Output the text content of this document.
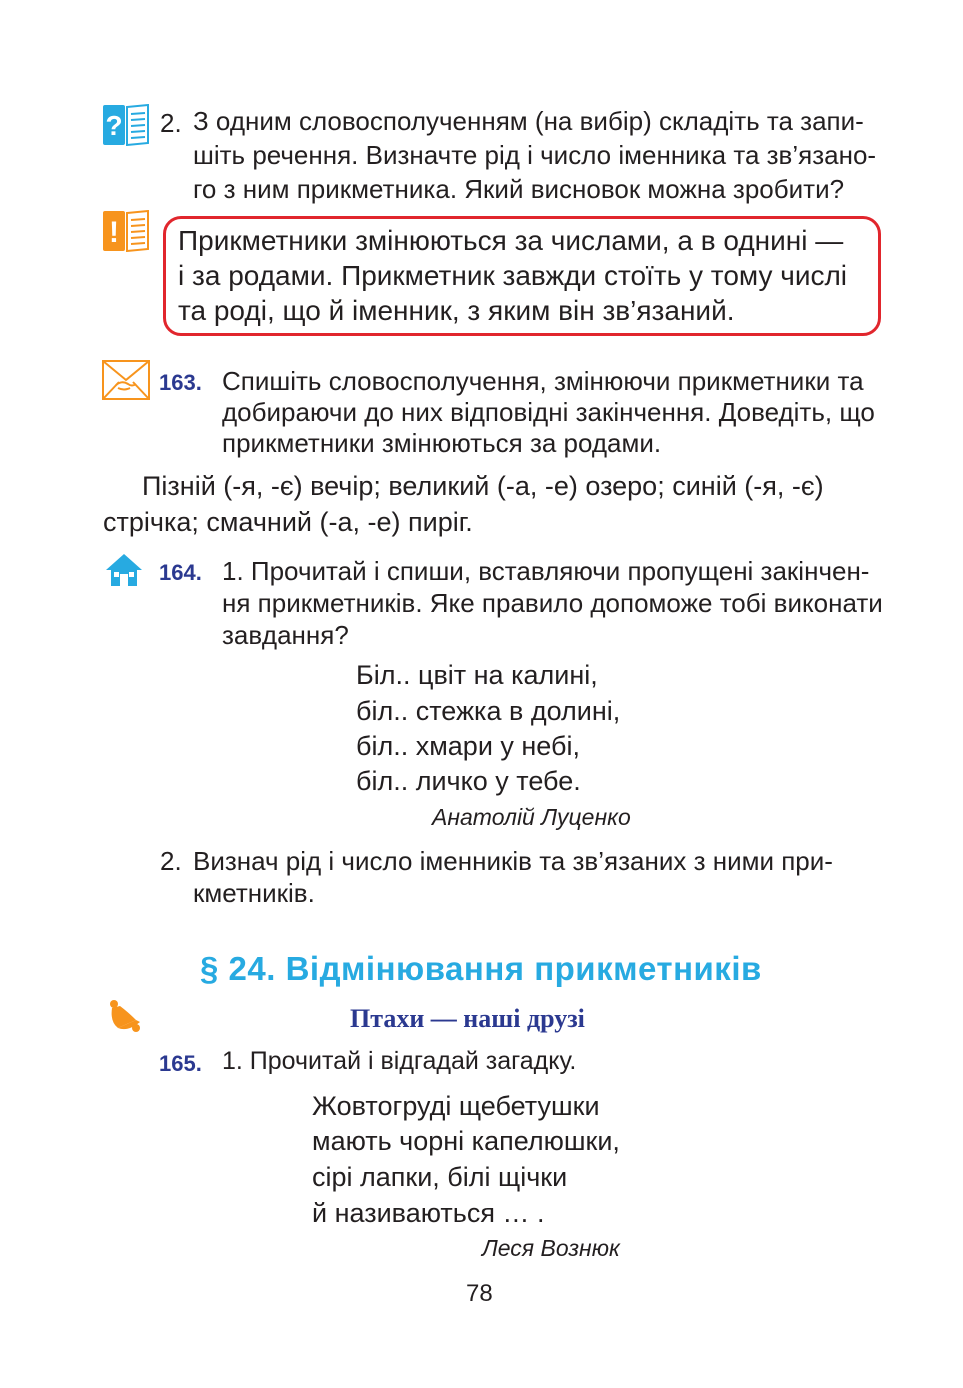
? 2. З одним словосполученням (на вибір) складіть та запи-
шіть речення. Визначте рід і число іменника та зв’язано-
го з ним прикметника. Який висновок можна зробити?
! Прикметники змінюються за числами, а в однині —
і за родами. Прикметник завжди стоїть у тому числі
та роді, що й іменник, з яким він зв’язаний.
163. Спишіть словосполучення, змінюючи прикметники та
добираючи до них відповідні закінчення. Доведіть, що
прикметники змінюються за родами.
Пізній (-я, -є) вечір; великий (-а, -е) озеро; синій (-я, -є)
стрічка; смачний (-а, -е) пиріг.
164. 1. Прочитай і спиши, вставляючи пропущені закінчен-
ня прикметників. Яке правило допоможе тобі виконати
завдання?
Біл.. цвіт на калині,
біл.. стежка в долині,
біл.. хмари у небі,
біл.. личко у тебе.
Анатолій Луценко
2. Визнач рід і число іменників та зв’язаних з ними при-
кметників.
§ 24. Відмінювання прикметників
Птахи — наші друзі
165. 1. Прочитай і відгадай загадку.
Жовтогруді щебетушки
мають чорні капелюшки,
сірі лапки, білі щічки
й називаються … .
Леся Вознюк
78
